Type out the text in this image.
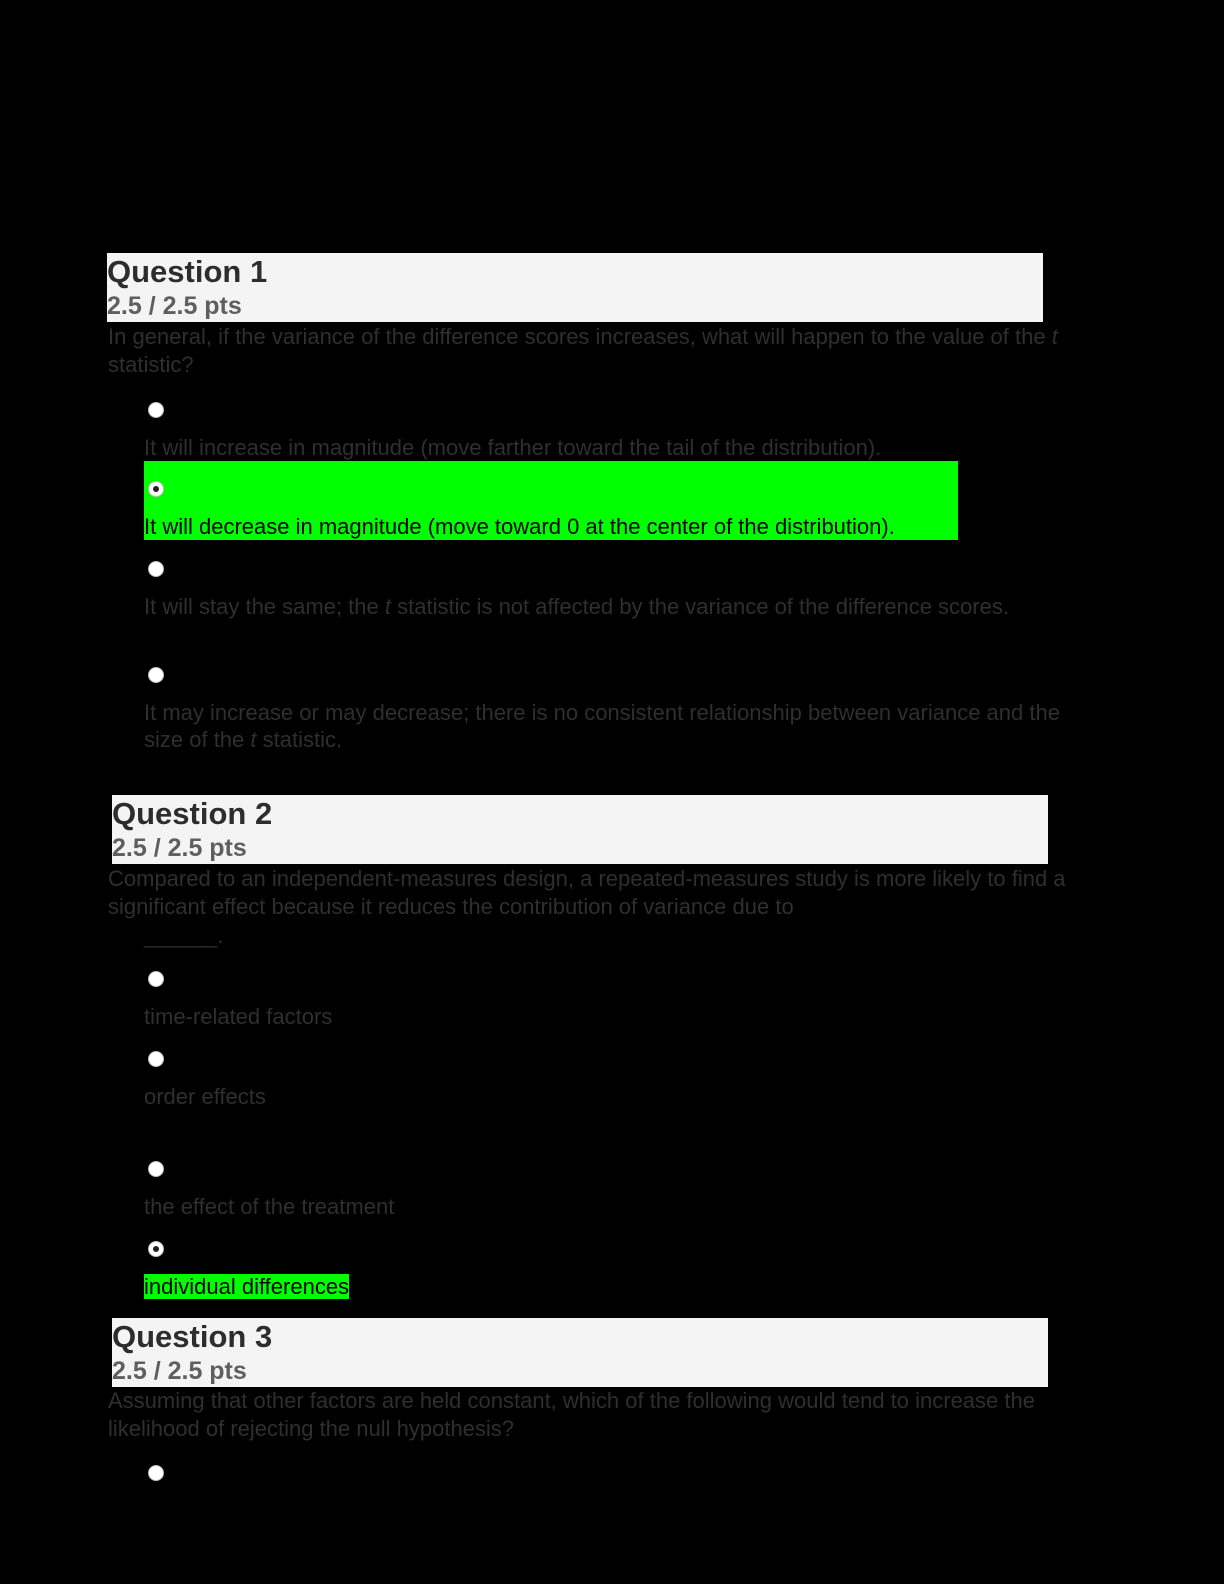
Question 1
2.5 / 2.5 pts
In general, if the variance of the difference scores increases, what will happen to the value of the t statistic?
It will increase in magnitude (move farther toward the tail of the distribution).
It will decrease in magnitude (move toward 0 at the center of the distribution).
It will stay the same; the t statistic is not affected by the variance of the difference scores.
It may increase or may decrease; there is no consistent relationship between variance and the size of the t statistic.
Question 2
2.5 / 2.5 pts
Compared to an independent-measures design, a repeated-measures study is more likely to find a significant effect because it reduces the contribution of variance due to
______.
time-related factors
order effects
the effect of the treatment
individual differences
Question 3
2.5 / 2.5 pts
Assuming that other factors are held constant, which of the following would tend to increase the likelihood of rejecting the null hypothesis?
